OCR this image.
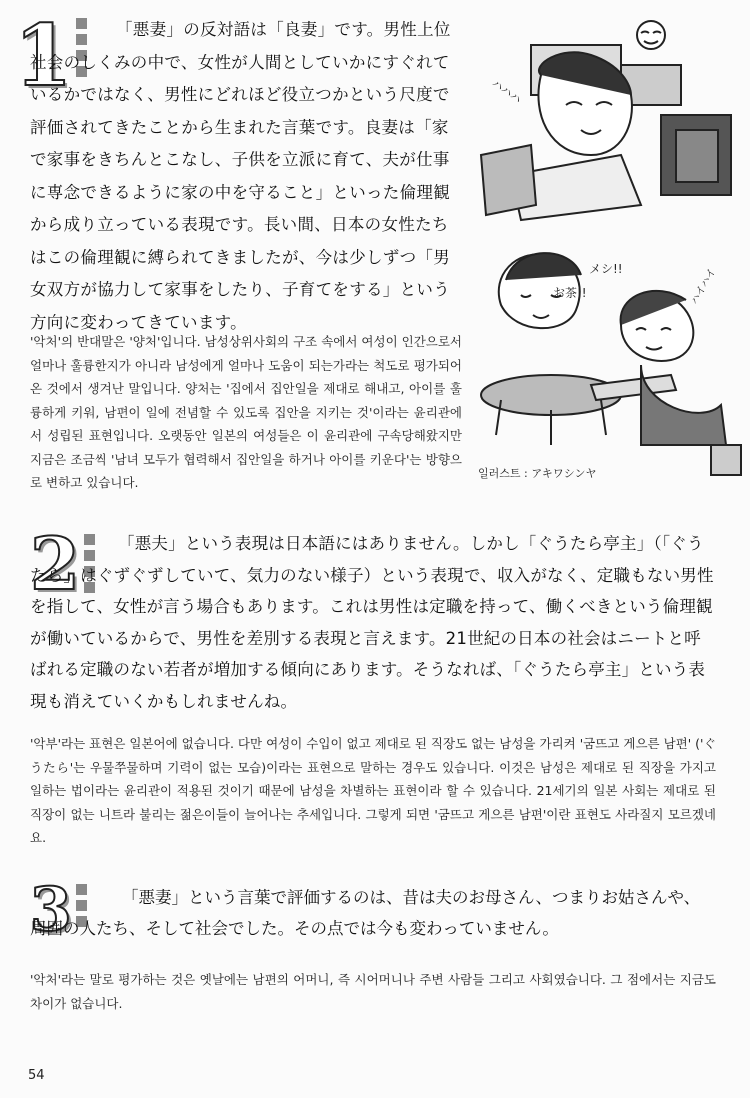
1	「悪妻」の反対語は「良妻」です。男性上位社会のしくみの中で、女性が人間としていかにすぐれているかではなく、男性にどれほど役立つかという尺度で評価されてきたことから生まれた言葉です。良妻は「家で家事をきちんとこなし、子供を立派に育て、夫が仕事に専念できるように家の中を守ること」といった倫理観から成り立っている表現です。長い間、日本の女性たちはこの倫理観に縛られてきましたが、今は少しずつ「男女双方が協力して家事をしたり、子育てをする」という方向に変わってきています。
ハハハ
メシ!!
お茶!!	ハイハイ
'악처'의 반대말은 '양처'입니다. 남성상위사회의 구조 속에서 여성이 인간으로서 얼마나 훌륭한지가 아니라 남성에게 얼마나 도움이 되는가라는 척도로 평가되어 온 것에서 생겨난 말입니다. 양처는 '집에서 집안일을 제대로 해내고, 아이를 훌륭하게 키워, 남편이 일에 전념할 수 있도록 집안을 지키는 것'이라는 윤리관에서 성립된 표현입니다. 오랫동안 일본의 여성들은 이 윤리관에 구속당해왔지만 지금은 조금씩 '남녀 모두가 협력해서 집안일을 하거나 아이를 키운다'는 방향으로 변하고 있습니다.
일러스트 : アキワシンヤ
2	「悪夫」という表現は日本語にはありません。しかし「ぐうたら亭主」（「ぐうたら」はぐずぐずしていて、気力のない様子）という表現で、収入がなく、定職もない男性を指して、女性が言う場合もあります。これは男性は定職を持って、働くべきという倫理観が働いているからで、男性を差別する表現と言えます。21世紀の日本の社会はニートと呼ばれる定職のない若者が増加する傾向にあります。そうなれば、「ぐうたら亭主」という表現も消えていくかもしれませんね。
'악부'라는 표현은 일본어에 없습니다. 다만 여성이 수입이 없고 제대로 된 직장도 없는 남성을 가리켜 '굼뜨고 게으른 남편' ('ぐうたら'는 우물쭈물하며 기력이 없는 모습)이라는 표현으로 말하는 경우도 있습니다. 이것은 남성은 제대로 된 직장을 가지고 일하는 법이라는 윤리관이 적용된 것이기 때문에 남성을 차별하는 표현이라 할 수 있습니다. 21세기의 일본 사회는 제대로 된 직장이 없는 니트라 불리는 젊은이들이 늘어나는 추세입니다. 그렇게 되면 '굼뜨고 게으른 남편'이란 표현도 사라질지 모르겠네요.
3	「悪妻」という言葉で評価するのは、昔は夫のお母さん、つまりお姑さんや、周囲の人たち、そして社会でした。その点では今も変わっていません。
'악처'라는 말로 평가하는 것은 옛날에는 남편의 어머니, 즉 시어머니나 주변 사람들 그리고 사회였습니다. 그 점에서는 지금도 차이가 없습니다.
54
